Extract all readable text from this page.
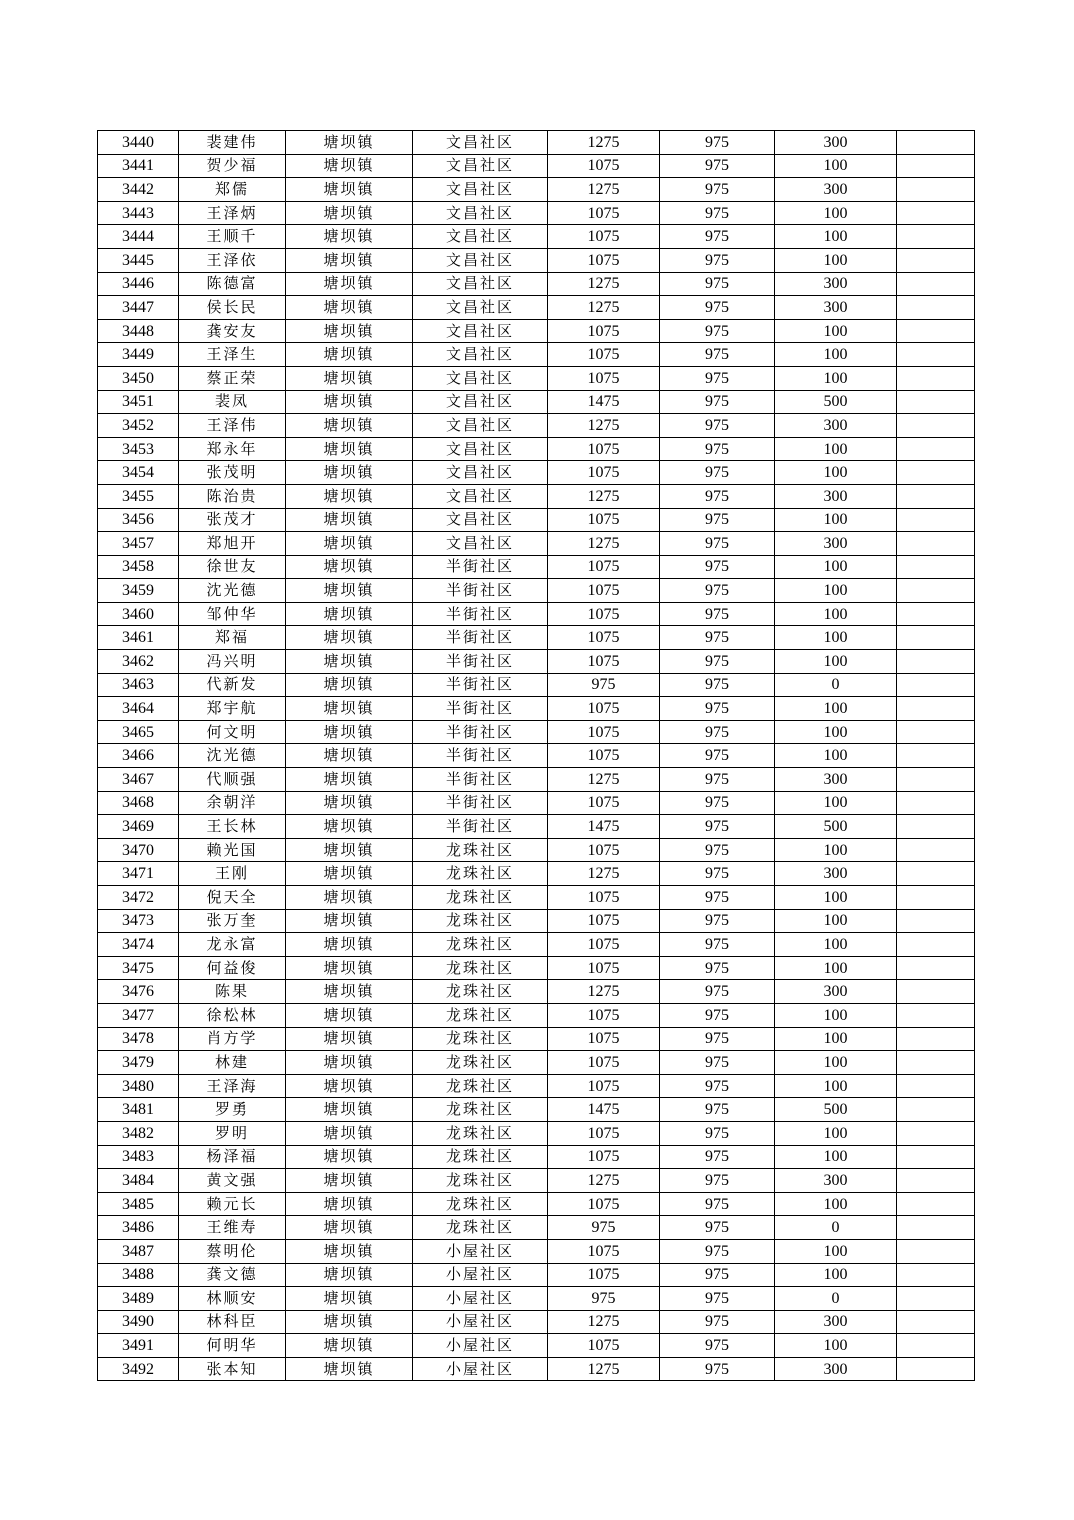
3440	裴建伟	塘坝镇	文昌社区	1275	975	300	
3441	贺少福	塘坝镇	文昌社区	1075	975	100	
3442	郑儒	塘坝镇	文昌社区	1275	975	300	
3443	王泽炳	塘坝镇	文昌社区	1075	975	100	
3444	王顺千	塘坝镇	文昌社区	1075	975	100	
3445	王泽依	塘坝镇	文昌社区	1075	975	100	
3446	陈德富	塘坝镇	文昌社区	1275	975	300	
3447	侯长民	塘坝镇	文昌社区	1275	975	300	
3448	龚安友	塘坝镇	文昌社区	1075	975	100	
3449	王泽生	塘坝镇	文昌社区	1075	975	100	
3450	蔡正荣	塘坝镇	文昌社区	1075	975	100	
3451	裴凤	塘坝镇	文昌社区	1475	975	500	
3452	王泽伟	塘坝镇	文昌社区	1275	975	300	
3453	郑永年	塘坝镇	文昌社区	1075	975	100	
3454	张茂明	塘坝镇	文昌社区	1075	975	100	
3455	陈治贵	塘坝镇	文昌社区	1275	975	300	
3456	张茂才	塘坝镇	文昌社区	1075	975	100	
3457	郑旭开	塘坝镇	文昌社区	1275	975	300	
3458	徐世友	塘坝镇	半街社区	1075	975	100	
3459	沈光德	塘坝镇	半街社区	1075	975	100	
3460	邹仲华	塘坝镇	半街社区	1075	975	100	
3461	郑福	塘坝镇	半街社区	1075	975	100	
3462	冯兴明	塘坝镇	半街社区	1075	975	100	
3463	代新发	塘坝镇	半街社区	975	975	0	
3464	郑宇航	塘坝镇	半街社区	1075	975	100	
3465	何文明	塘坝镇	半街社区	1075	975	100	
3466	沈光德	塘坝镇	半街社区	1075	975	100	
3467	代顺强	塘坝镇	半街社区	1275	975	300	
3468	余朝洋	塘坝镇	半街社区	1075	975	100	
3469	王长林	塘坝镇	半街社区	1475	975	500	
3470	赖光国	塘坝镇	龙珠社区	1075	975	100	
3471	王刚	塘坝镇	龙珠社区	1275	975	300	
3472	倪天全	塘坝镇	龙珠社区	1075	975	100	
3473	张万奎	塘坝镇	龙珠社区	1075	975	100	
3474	龙永富	塘坝镇	龙珠社区	1075	975	100	
3475	何益俊	塘坝镇	龙珠社区	1075	975	100	
3476	陈果	塘坝镇	龙珠社区	1275	975	300	
3477	徐松林	塘坝镇	龙珠社区	1075	975	100	
3478	肖方学	塘坝镇	龙珠社区	1075	975	100	
3479	林建	塘坝镇	龙珠社区	1075	975	100	
3480	王泽海	塘坝镇	龙珠社区	1075	975	100	
3481	罗勇	塘坝镇	龙珠社区	1475	975	500	
3482	罗明	塘坝镇	龙珠社区	1075	975	100	
3483	杨泽福	塘坝镇	龙珠社区	1075	975	100	
3484	黄文强	塘坝镇	龙珠社区	1275	975	300	
3485	赖元长	塘坝镇	龙珠社区	1075	975	100	
3486	王维寿	塘坝镇	龙珠社区	975	975	0	
3487	蔡明伦	塘坝镇	小屋社区	1075	975	100	
3488	龚文德	塘坝镇	小屋社区	1075	975	100	
3489	林顺安	塘坝镇	小屋社区	975	975	0	
3490	林科臣	塘坝镇	小屋社区	1275	975	300	
3491	何明华	塘坝镇	小屋社区	1075	975	100	
3492	张本知	塘坝镇	小屋社区	1275	975	300	
